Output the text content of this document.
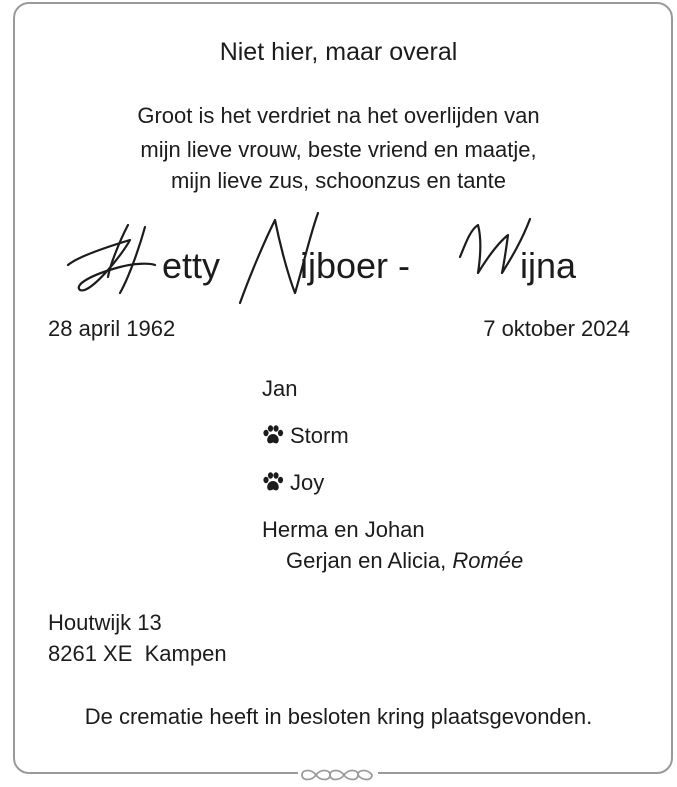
Niet hier, maar overal
Groot is het verdriet na het overlijden van
mijn lieve vrouw, beste vriend en maatje,
mijn lieve zus, schoonzus en tante
etty ijboer -	ijna
28 april 1962	7 oktober 2024
Jan
Storm
Joy
Herma en Johan
Gerjan en Alicia, Romée
Houtwijk 13
8261 XE  Kampen
De crematie heeft in besloten kring plaatsgevonden.
